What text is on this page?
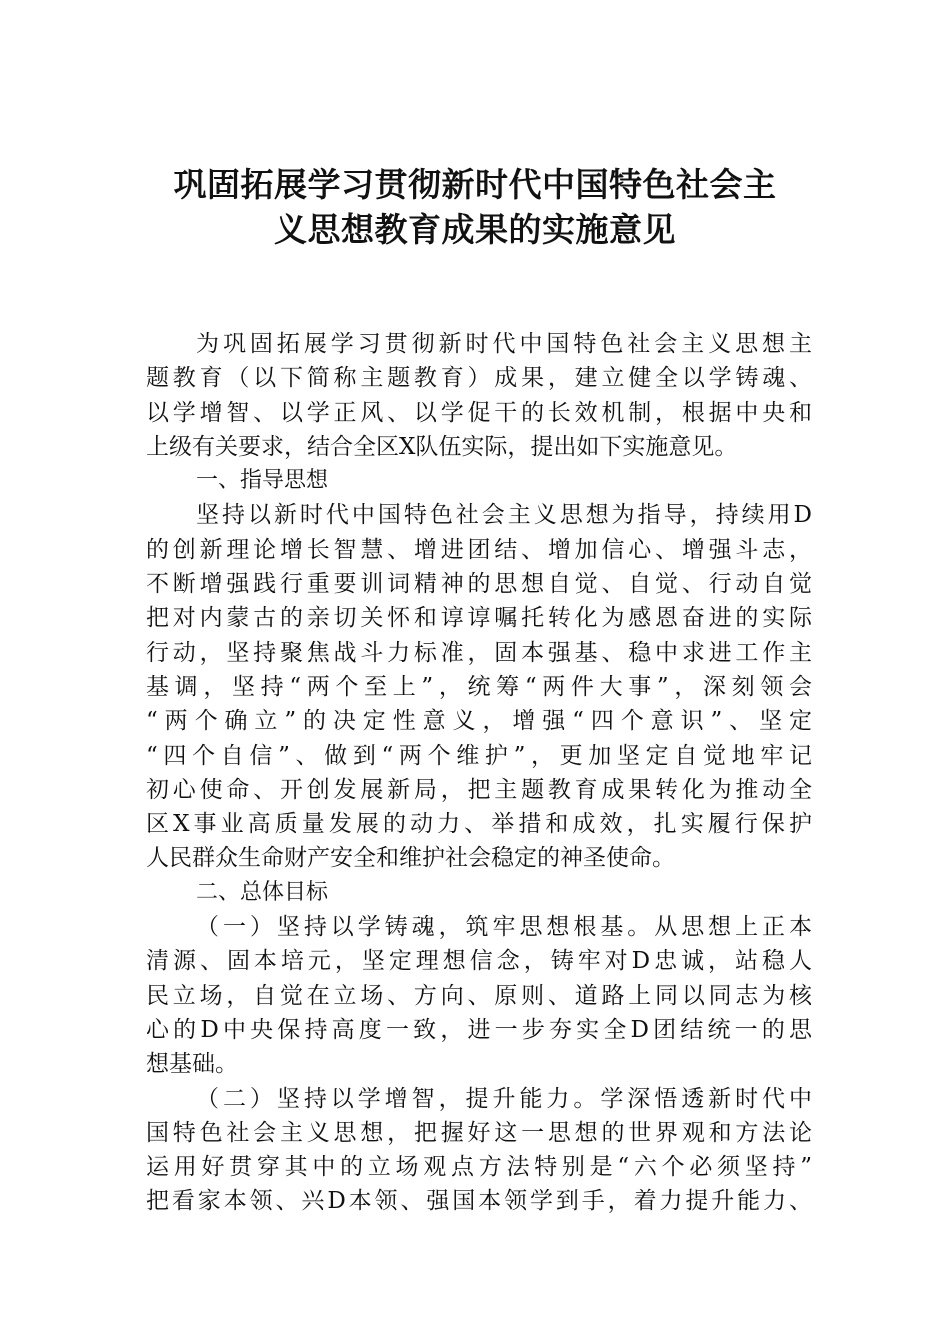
巩固拓展学习贯彻新时代中国特色社会主
义思想教育成果的实施意见
为巩固拓展学习贯彻新时代中国特色社会主义思想主
题教育（以下简称主题教育）成果，建立健全以学铸魂、
以学增智、以学正风、以学促干的长效机制，根据中央和
上级有关要求，结合全区X队伍实际，提出如下实施意见。
一、指导思想
坚持以新时代中国特色社会主义思想为指导，持续用D
的创新理论增长智慧、增进团结、增加信心、增强斗志，
不断增强践行重要训词精神的思想自觉、自觉、行动自觉
把对内蒙古的亲切关怀和谆谆嘱托转化为感恩奋进的实际
行动，坚持聚焦战斗力标准，固本强基、稳中求进工作主
基调，坚持“两个至上”，统筹“两件大事”，深刻领会
“两个确立”的决定性意义，增强“四个意识”、坚定
“四个自信”、做到“两个维护”，更加坚定自觉地牢记
初心使命、开创发展新局，把主题教育成果转化为推动全
区X事业高质量发展的动力、举措和成效，扎实履行保护
人民群众生命财产安全和维护社会稳定的神圣使命。
二、总体目标
（一）坚持以学铸魂，筑牢思想根基。从思想上正本
清源、固本培元，坚定理想信念，铸牢对D忠诚，站稳人
民立场，自觉在立场、方向、原则、道路上同以同志为核
心的D中央保持高度一致，进一步夯实全D团结统一的思
想基础。
（二）坚持以学增智，提升能力。学深悟透新时代中
国特色社会主义思想，把握好这一思想的世界观和方法论
运用好贯穿其中的立场观点方法特别是“六个必须坚持”
把看家本领、兴D本领、强国本领学到手，着力提升能力、
